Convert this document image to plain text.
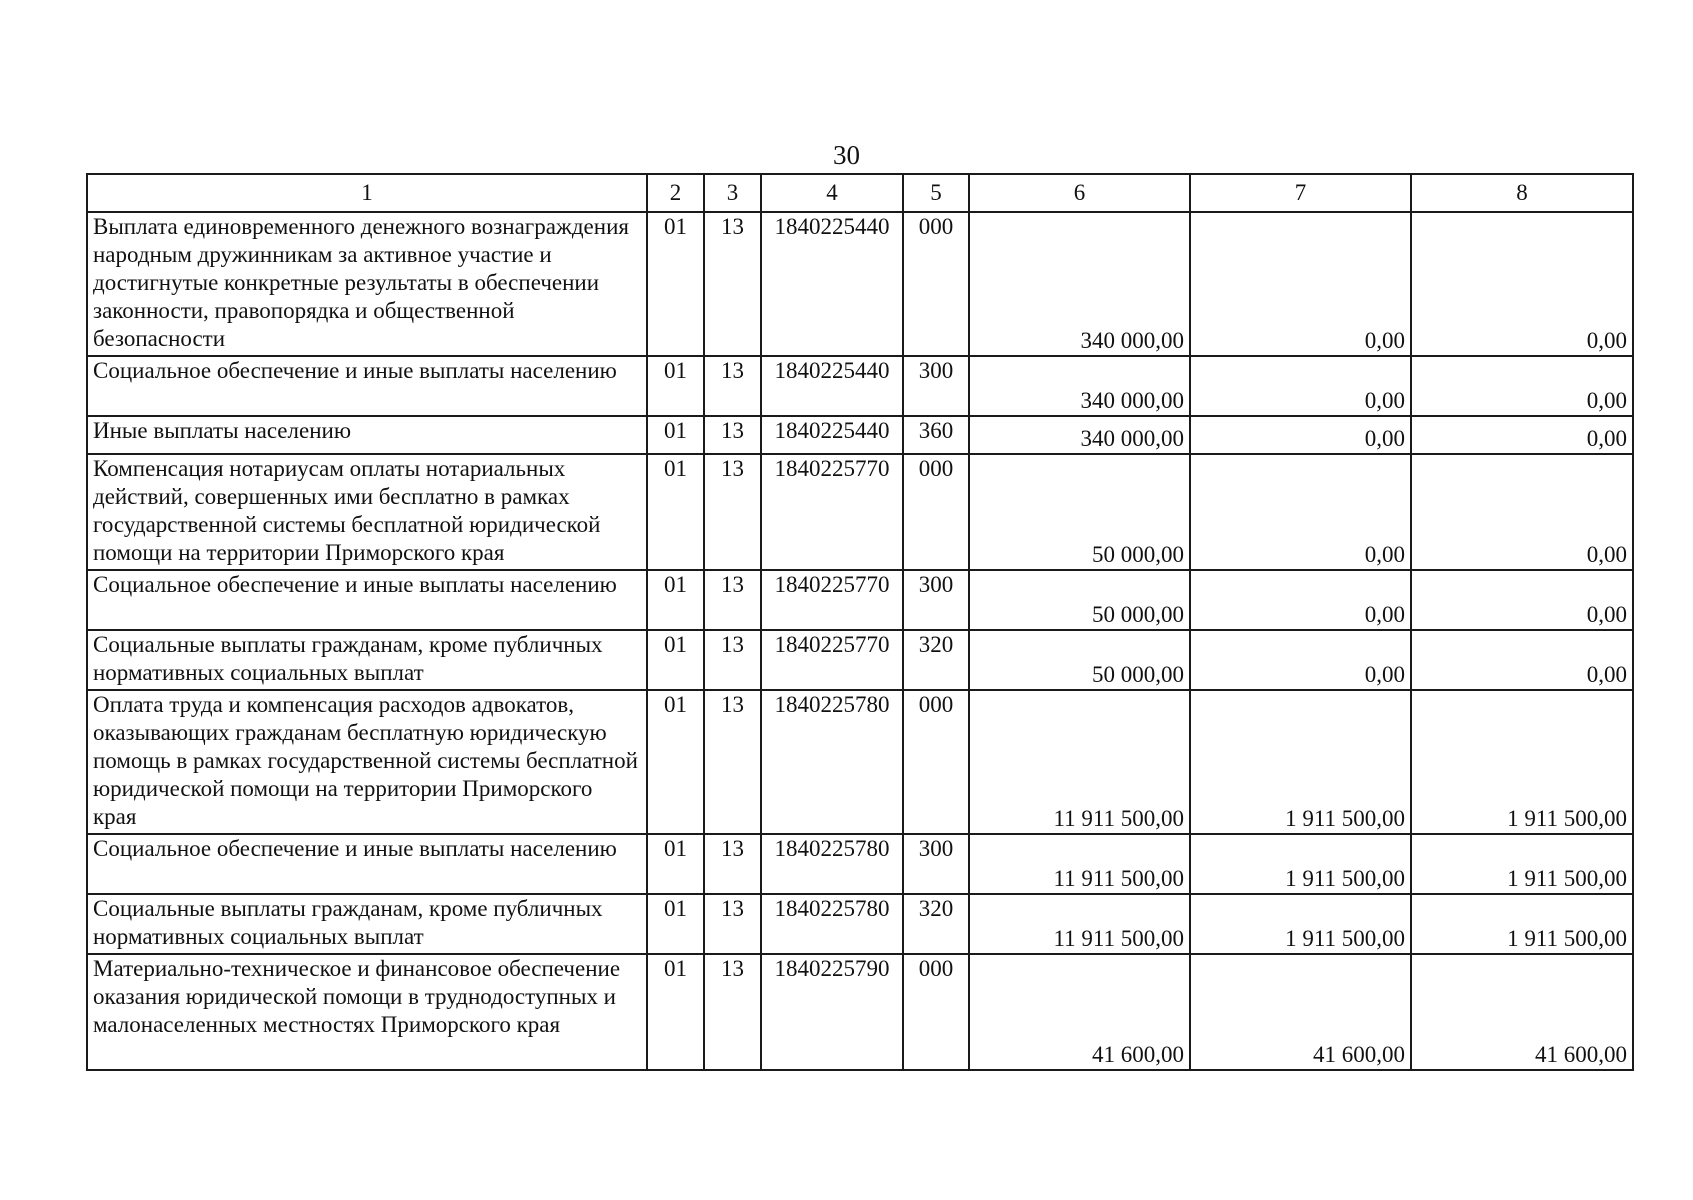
30
1	2	3	4	5	6	7	8
Выплата единовременного денежного вознаграждения народным дружинникам за активное участие и достигнутые конкретные результаты в обеспечении законности, правопорядка и общественной безопасности	01	13	1840225440	000	340 000,00	0,00	0,00
Социальное обеспечение и иные выплаты населению	01	13	1840225440	300	340 000,00	0,00	0,00
Иные выплаты населению	01	13	1840225440	360	340 000,00	0,00	0,00
Компенсация нотариусам оплаты нотариальных действий, совершенных ими бесплатно в рамках государственной системы бесплатной юридической помощи на территории Приморского края	01	13	1840225770	000	50 000,00	0,00	0,00
Социальное обеспечение и иные выплаты населению	01	13	1840225770	300	50 000,00	0,00	0,00
Социальные выплаты гражданам, кроме публичных нормативных социальных выплат	01	13	1840225770	320	50 000,00	0,00	0,00
Оплата труда и компенсация расходов адвокатов, оказывающих гражданам бесплатную юридическую помощь в рамках государственной системы бесплатной юридической помощи на территории Приморского края	01	13	1840225780	000	11 911 500,00	1 911 500,00	1 911 500,00
Социальное обеспечение и иные выплаты населению	01	13	1840225780	300	11 911 500,00	1 911 500,00	1 911 500,00
Социальные выплаты гражданам, кроме публичных нормативных социальных выплат	01	13	1840225780	320	11 911 500,00	1 911 500,00	1 911 500,00
Материально-техническое и финансовое обеспечение оказания юридической помощи в труднодоступных и малонаселенных местностях Приморского края	01	13	1840225790	000	41 600,00	41 600,00	41 600,00
